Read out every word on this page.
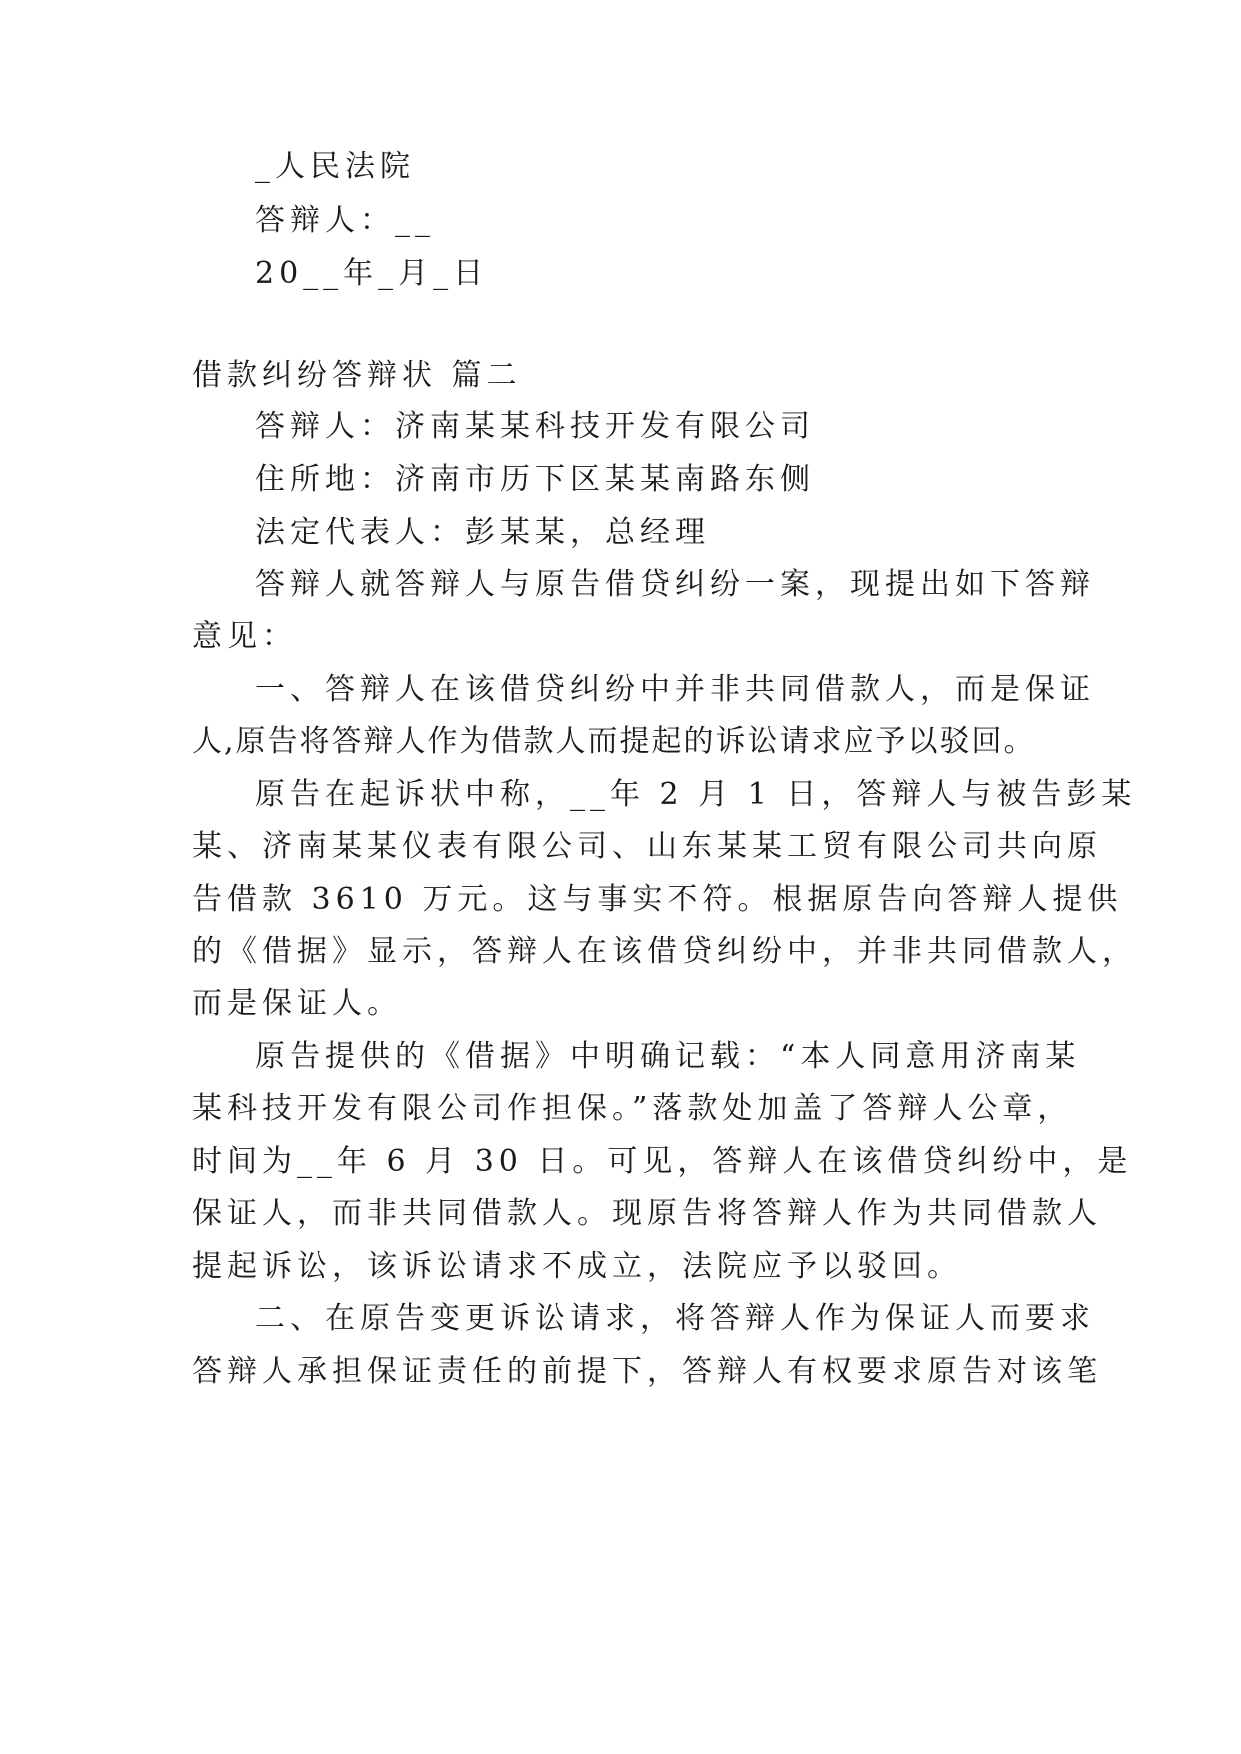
_人民法院
答辩人：__
20__年_月_日
借款纠纷答辩状 篇二
答辩人：济南某某科技开发有限公司
住所地：济南市历下区某某南路东侧
法定代表人：彭某某，总经理
答辩人就答辩人与原告借贷纠纷一案，现提出如下答辩
意见：
一、答辩人在该借贷纠纷中并非共同借款人，而是保证
人,原告将答辩人作为借款人而提起的诉讼请求应予以驳回。
原告在起诉状中称，__年 2 月 1 日，答辩人与被告彭某
某、济南某某仪表有限公司、山东某某工贸有限公司共向原
告借款 3610 万元。这与事实不符。根据原告向答辩人提供
的《借据》显示，答辩人在该借贷纠纷中，并非共同借款人，
而是保证人。
原告提供的《借据》中明确记载：“本人同意用济南某
某科技开发有限公司作担保。”落款处加盖了答辩人公章，
时间为__年 6 月 30 日。可见，答辩人在该借贷纠纷中，是
保证人，而非共同借款人。现原告将答辩人作为共同借款人
提起诉讼，该诉讼请求不成立，法院应予以驳回。
二、在原告变更诉讼请求，将答辩人作为保证人而要求
答辩人承担保证责任的前提下，答辩人有权要求原告对该笔
